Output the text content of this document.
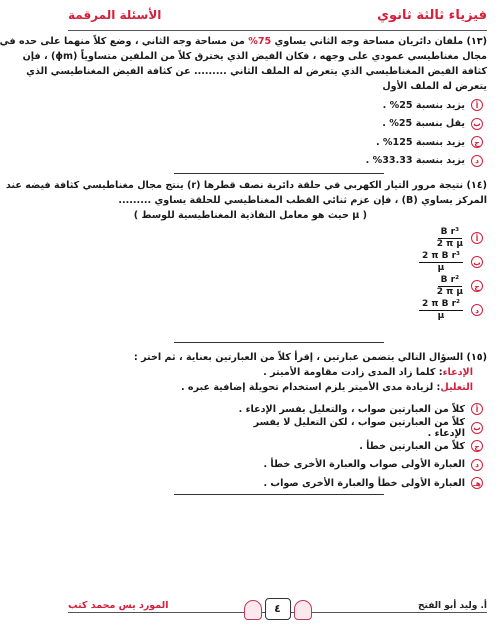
فيزياء ثالثة ثانوي
الأسئلة المرقمة
(١٣) ملفان دائريان مساحة وجه الثاني يساوي 75% من مساحة وجه الثاني ، وضع كلاً منهما على حده في
مجال مغناطيسي عمودي على وجهه ، فكان الفيض الذي يخترق كلاً من الملفين متساوياً (ϕm) ، فإن
كثافة الفيض المغناطيسي الذي يتعرض له الملف الثاني ......... عن كثافة الفيض المغناطيسي الذي
يتعرض له الملف الأول
أ
يزيد بنسبة 25% .
ب
يقل بنسبة 25% .
ج
يزيد بنسبة 125% .
د
يزيد بنسبة 33.33% .
(١٤) نتيجة مرور التيار الكهربي في حلقة دائرية نصف قطرها (r) ينتج مجال مغناطيسي كثافة فيضه عند
المركز يساوي (B) ، فإن عزم ثنائي القطب المغناطيسي للحلقة يساوي .........
( μ حيث هو معامل النفاذية المغناطيسية للوسط )
أ
$\frac{\text{B r³}}{\text{2 π μ}}$
ب
$\frac{\text{2 π B r³}}{\mu}$
ج
$\frac{\text{B r²}}{\text{2 π μ}}$
د
$\frac{\text{2 π B r²}}{\mu}$
(١٥) السؤال التالي يتضمن عبارتين ، إقرأ كلاً من العبارتين بعناية ، ثم اختر :
الإدعاء: كلما زاد المدى زادت مقاومة الأميتر .
التعليل: لزيادة مدى الأميتر يلزم استخدام تحويلة إضافية عبره .
أ
كلاً من العبارتين صواب ، والتعليل يفسر الإدعاء .
ب
كلاً من العبارتين صواب ، لكن التعليل لا يفسر الإدعاء .
ج
كلاً من العبارتين خطأ .
د
العبارة الأولى صواب والعبارة الأخرى خطأ .
هـ
العبارة الأولى خطأ والعبارة الأخرى صواب .
أ. وليد أبو الفتح
المورد يس محمد كتب	٤
